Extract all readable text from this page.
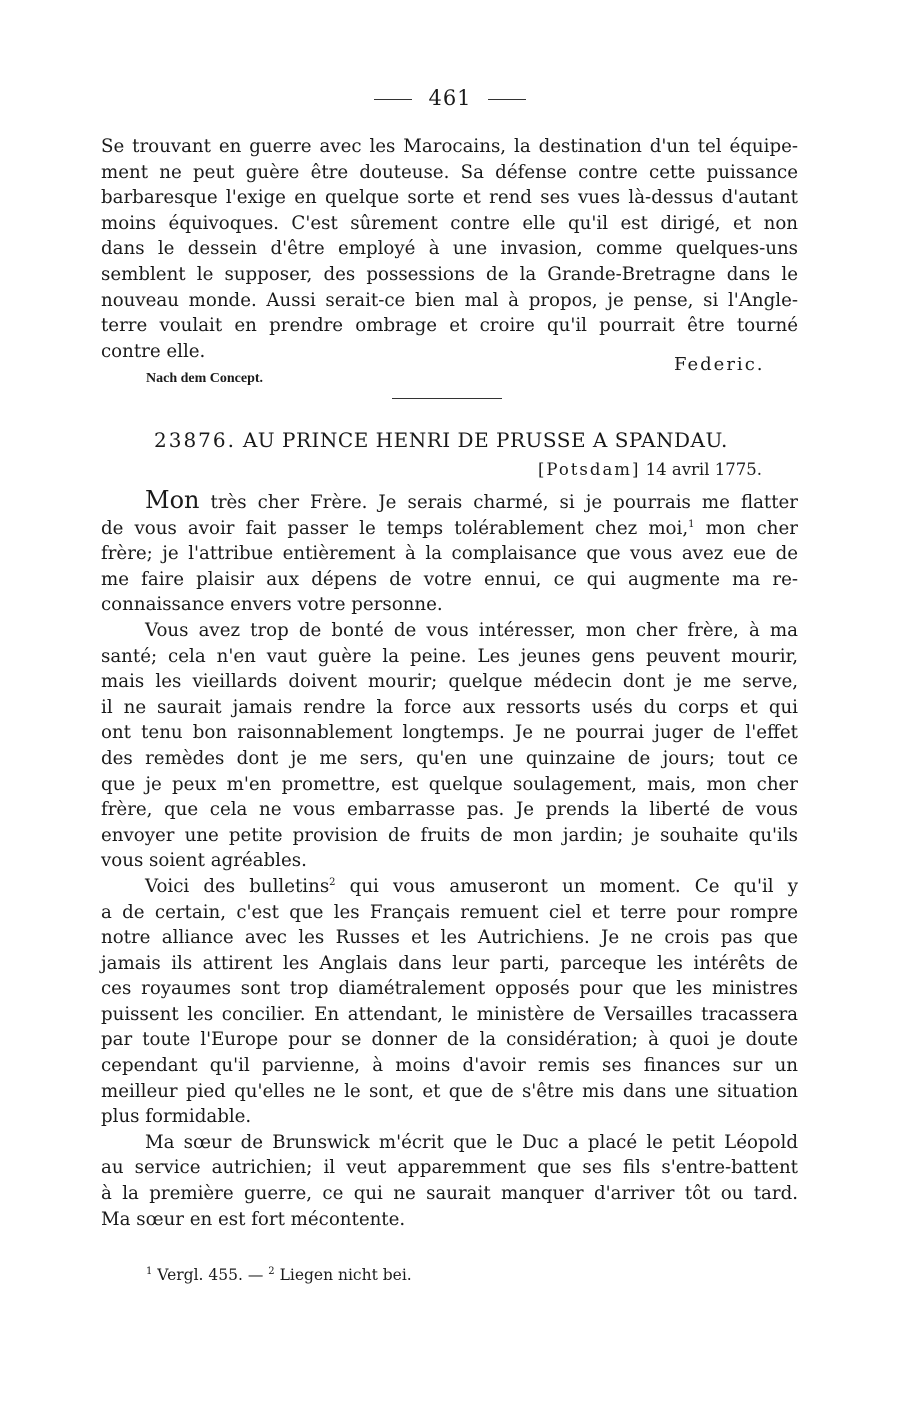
461
Se trouvant en guerre avec les Marocains, la destination d'un tel équipe-
ment ne peut guère être douteuse. Sa défense contre cette puissance
barbaresque l'exige en quelque sorte et rend ses vues là-dessus d'autant
moins équivoques. C'est sûrement contre elle qu'il est dirigé, et non
dans le dessein d'être employé à une invasion, comme quelques-uns
semblent le supposer, des possessions de la Grande-Bretragne dans le
nouveau monde. Aussi serait-ce bien mal à propos, je pense, si l'Angle-
terre voulait en prendre ombrage et croire qu'il pourrait être tourné
contre elle.
Federic.
Nach dem Concept.
23876. AU PRINCE HENRI DE PRUSSE A SPANDAU.
[Potsdam] 14 avril 1775.
Mon très cher Frère. Je serais charmé, si je pourrais me flatter
de vous avoir fait passer le temps tolérablement chez moi,$^1$ mon cher
frère; je l'attribue entièrement à la complaisance que vous avez eue de
me faire plaisir aux dépens de votre ennui, ce qui augmente ma re-
connaissance envers votre personne.
Vous avez trop de bonté de vous intéresser, mon cher frère, à ma
santé; cela n'en vaut guère la peine. Les jeunes gens peuvent mourir,
mais les vieillards doivent mourir; quelque médecin dont je me serve,
il ne saurait jamais rendre la force aux ressorts usés du corps et qui
ont tenu bon raisonnablement longtemps. Je ne pourrai juger de l'effet
des remèdes dont je me sers, qu'en une quinzaine de jours; tout ce
que je peux m'en promettre, est quelque soulagement, mais, mon cher
frère, que cela ne vous embarrasse pas. Je prends la liberté de vous
envoyer une petite provision de fruits de mon jardin; je souhaite qu'ils
vous soient agréables.
Voici des bulletins$^2$ qui vous amuseront un moment. Ce qu'il y
a de certain, c'est que les Français remuent ciel et terre pour rompre
notre alliance avec les Russes et les Autrichiens. Je ne crois pas que
jamais ils attirent les Anglais dans leur parti, parceque les intérêts de
ces royaumes sont trop diamétralement opposés pour que les ministres
puissent les concilier. En attendant, le ministère de Versailles tracassera
par toute l'Europe pour se donner de la considération; à quoi je doute
cependant qu'il parvienne, à moins d'avoir remis ses finances sur un
meilleur pied qu'elles ne le sont, et que de s'être mis dans une situation
plus formidable.
Ma sœur de Brunswick m'écrit que le Duc a placé le petit Léopold
au service autrichien; il veut apparemment que ses fils s'entre-battent
à la première guerre, ce qui ne saurait manquer d'arriver tôt ou tard.
Ma sœur en est fort mécontente.
$^1$ Vergl. 455. — $^2$ Liegen nicht bei.
